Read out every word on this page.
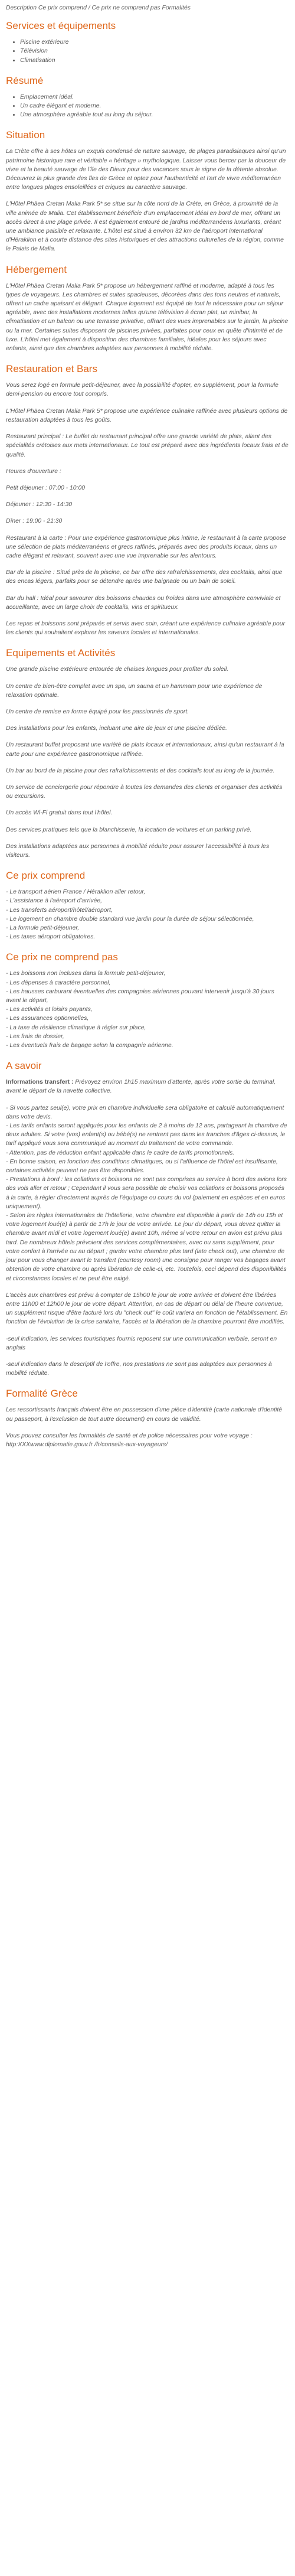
Description Ce prix comprend / Ce prix ne comprend pas Formalités

Services et équipements
• Piscine extérieure
• Télévision
• Climatisation
Résumé
• Emplacement idéal.
• Un cadre élégant et moderne.
• Une atmosphère agréable tout au long du séjour.
Situation

La Crète offre à ses hôtes un exquis condensé de nature sauvage, de plages paradisiaques ainsi qu'un patrimoine historique rare et véritable « héritage » mythologique. Laisser vous bercer par la douceur de vivre et la beauté sauvage de l'île des Dieux pour des vacances sous le signe de la détente absolue. Découvrez la plus grande des îles de Grèce et optez pour l'authenticité et l'art de vivre méditerranéen entre longues plages ensoleillées et criques au caractère sauvage.

L'Hôtel Phäea Cretan Malia Park 5* se situe sur la côte nord de la Crète, en Grèce, à proximité de la ville animée de Malia. Cet établissement bénéficie d'un emplacement idéal en bord de mer, offrant un accès direct à une plage privée. Il est également entouré de jardins méditerranéens luxuriants, créant une ambiance paisible et relaxante. L'hôtel est situé à environ 32 km de l'aéroport international d'Héraklion et à courte distance des sites historiques et des attractions culturelles de la région, comme le Palais de Malia.

Hébergement

L'Hôtel Phäea Cretan Malia Park 5* propose un hébergement raffiné et moderne, adapté à tous les types de voyageurs. Les chambres et suites spacieuses, décorées dans des tons neutres et naturels, offrent un cadre apaisant et élégant. Chaque logement est équipé de tout le nécessaire pour un séjour agréable, avec des installations modernes telles qu'une télévision à écran plat, un minibar, la climatisation et un balcon ou une terrasse privative, offrant des vues imprenables sur le jardin, la piscine ou la mer. Certaines suites disposent de piscines privées, parfaites pour ceux en quête d'intimité et de luxe. L'hôtel met également à disposition des chambres familiales, idéales pour les séjours avec enfants, ainsi que des chambres adaptées aux personnes à mobilité réduite.

Restauration et Bars

Vous serez logé en formule petit-déjeuner, avec la possibilité d'opter, en supplément, pour la formule demi-pension ou encore tout compris.

L'Hôtel Phäea Cretan Malia Park 5* propose une expérience culinaire raffinée avec plusieurs options de restauration adaptées à tous les goûts.

Restaurant principal : Le buffet du restaurant principal offre une grande variété de plats, allant des spécialités crétoises aux mets internationaux. Le tout est préparé avec des ingrédients locaux frais et de qualité.

Heures d'ouverture :

Petit déjeuner : 07:00 - 10:00

Déjeuner : 12:30 - 14:30

Dîner : 19:00 - 21:30

Restaurant à la carte : Pour une expérience gastronomique plus intime, le restaurant à la carte propose une sélection de plats méditerranéens et grecs raffinés, préparés avec des produits locaux, dans un cadre élégant et relaxant, souvent avec une vue imprenable sur les alentours.

Bar de la piscine : Situé près de la piscine, ce bar offre des rafraîchissements, des cocktails, ainsi que des encas légers, parfaits pour se détendre après une baignade ou un bain de soleil.

Bar du hall : Idéal pour savourer des boissons chaudes ou froides dans une atmosphère conviviale et accueillante, avec un large choix de cocktails, vins et spiritueux.

Les repas et boissons sont préparés et servis avec soin, créant une expérience culinaire agréable pour les clients qui souhaitent explorer les saveurs locales et internationales.

Equipements et Activités

Une grande piscine extérieure entourée de chaises longues pour profiter du soleil.

Un centre de bien-être complet avec un spa, un sauna et un hammam pour une expérience de relaxation optimale.

Un centre de remise en forme équipé pour les passionnés de sport.

Des installations pour les enfants, incluant une aire de jeux et une piscine dédiée.

Un restaurant buffet proposant une variété de plats locaux et internationaux, ainsi qu'un restaurant à la carte pour une expérience gastronomique raffinée.

Un bar au bord de la piscine pour des rafraîchissements et des cocktails tout au long de la journée.

Un service de conciergerie pour répondre à toutes les demandes des clients et organiser des activités ou excursions.

Un accès Wi-Fi gratuit dans tout l'hôtel.

Des services pratiques tels que la blanchisserie, la location de voitures et un parking privé.

Des installations adaptées aux personnes à mobilité réduite pour assurer l'accessibilité à tous les visiteurs.

Ce prix comprend

- Le transport aérien France / Héraklion aller retour,

- L'assistance à l'aéroport d'arrivée,

- Les transferts aéroport/hôtel/aéroport,

- Le logement en chambre double standard vue jardin pour la durée de séjour sélectionnée,

- La formule petit-déjeuner,

- Les taxes aéroport obligatoires.

Ce prix ne comprend pas

- Les boissons non incluses dans la formule petit-déjeuner,

- Les dépenses à caractère personnel,

- Les hausses carburant éventuelles des compagnies aériennes pouvant intervenir jusqu'à 30 jours avant le départ,

- Les activités et loisirs payants,

- Les assurances optionnelles,

- La taxe de résilience climatique à régler sur place,

- Les frais de dossier,

- Les éventuels frais de bagage selon la compagnie aérienne.

A savoir

Informations transfert : Prévoyez environ 1h15 maximum d'attente, après votre sortie du terminal, avant le départ de la navette collective.

- Si vous partez seul(e), votre prix en chambre individuelle sera obligatoire et calculé automatiquement dans votre devis.

- Les tarifs enfants seront appliqués pour les enfants de 2 à moins de 12 ans, partageant la chambre de deux adultes. Si votre (vos) enfant(s) ou bébé(s) ne rentrent pas dans les tranches d'âges ci-dessus, le tarif appliqué vous sera communiqué au moment du traitement de votre commande.

- Attention, pas de réduction enfant applicable dans le cadre de tarifs promotionnels.

- En bonne saison, en fonction des conditions climatiques, ou si l'affluence de l'hôtel est insuffisante, certaines activités peuvent ne pas être disponibles.

- Prestations à bord : les collations et boissons ne sont pas comprises au service à bord des avions lors des vols aller et retour ; Cependant il vous sera possible de choisir vos collations et boissons proposés à la carte, à régler directement auprès de l'équipage ou cours du vol (paiement en espèces et en euros uniquement).

- Selon les règles internationales de l'hôtellerie, votre chambre est disponible à partir de 14h ou 15h et votre logement loué(e) à partir de 17h le jour de votre arrivée. Le jour du départ, vous devez quitter la chambre avant midi et votre logement loué(e) avant 10h, même si votre retour en avion est prévu plus tard. De nombreux hôtels prévoient des services complémentaires, avec ou sans supplément, pour votre confort à l'arrivée ou au départ ; garder votre chambre plus tard (late check out), une chambre de jour pour vous changer avant le transfert (courtesy room) une consigne pour ranger vos bagages avant obtention de votre chambre ou après libération de celle-ci, etc. Toutefois, ceci dépend des disponibilités et circonstances locales et ne peut être exigé.

L'accès aux chambres est prévu à compter de 15h00 le jour de votre arrivée et doivent être libérées entre 11h00 et 12h00 le jour de votre départ. Attention, en cas de départ ou délai de l'heure convenue, un supplément risque d'être facturé lors du "check out" le coût variera en fonction de l'établissement. En fonction de l'évolution de la crise sanitaire, l'accès et la libération de la chambre pourront être modifiés.

-seul indication, les services touristiques fournis reposent sur une communication verbale, seront en anglais

-seul indication dans le descriptif de l'offre, nos prestations ne sont pas adaptées aux personnes à mobilité réduite.

Formalité Grèce

Les ressortissants français doivent être en possession d'une pièce d'identité (carte nationale d'identité ou passeport, à l'exclusion de tout autre document) en cours de validité.

Vous pouvez consulter les formalités de santé et de police nécessaires pour votre voyage : http:XXXwww.diplomatie.gouv.fr /fr/conseils-aux-voyageurs/
